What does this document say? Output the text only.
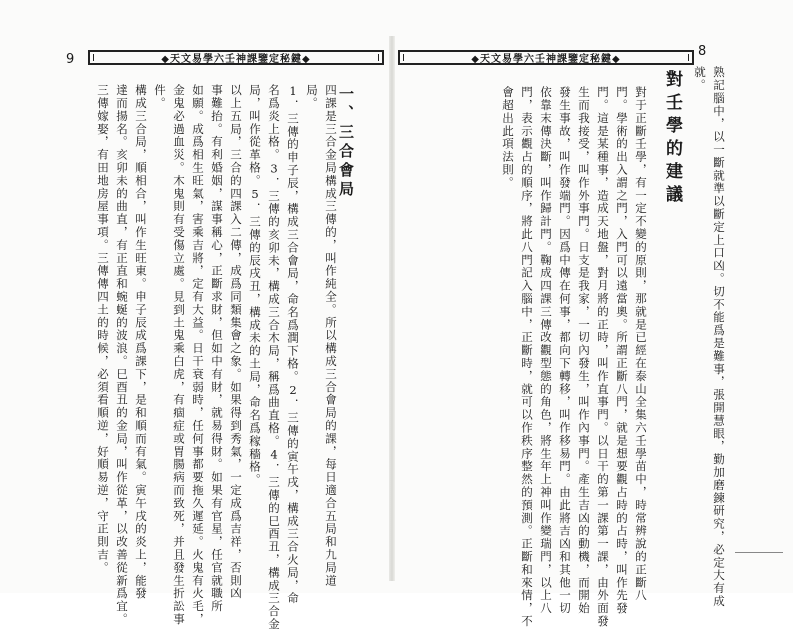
9	◆天文易學六壬神課鑒定秘鍵◆
四課是三合金局構成三傳的，叫作純全。所以構成三合會局的課，每日適合五局和九局道
局。
1．三傳的申子辰，構成三合會局，命名爲潤下格。2．三傳的寅午戌，構成三合火局，命
名爲炎上格。3．三傳的亥卯未，構成三合木局，稱爲曲直格。4．三傳的巳酉丑，構成三合金
局，叫作從革格。5．三傳的辰戌丑，構成未的土局，命名爲稼穡格。
以上五局，三合的四課入二傳，成爲同類集會之象。如果得到秀氣，一定成爲吉祥，否則凶
事難抬。有利婚姻，謀事稱心，正斷求財，但如中有財，就易得財。如果有官星，任官就職所
如願。成爲相生旺氣，害乘吉將，定有大益。日干衰弱時，任何事都要拖久遲延。火鬼有火毛，
金鬼必過血災。木鬼則有受傷立處。見到土鬼乘白虎，有痼症或胃腸病而致死，并且發生折訟事
件。
構成三合局，順相合，叫作生旺東。申子辰成爲課下，是和順而有氣。寅午戌的炎上，能發
達而揚名。亥卯未的曲直，有正直和蜿蜒的波浪。巳酉丑的金局，叫作從革，以改善從新爲宜。
三傳嫁娶，有田地房屋事項。三傳傳四土的時候，必須看順逆，好順易逆，守正則吉。	一、三合會局
◆天文易學六壬神課鑒定秘鍵◆
8
熟記腦中，以一斷就準以斷定上口凶。切不能爲是難事，張開慧眼，勤加磨鍊研究，必定大有成
就。
對壬學的建議
對于正斷壬學，有一定不變的原則，那就是已經在泰山全集六壬學苗中，時常辨說的正斷八
門。學術的出入謂之門，入門可以遠當奧。所謂正斷八門，就是想要觀占時的占時，叫作先發
門。這是某種事，造成天地盤，對月將的正時，叫作直事門。以日干的第一課第一課，由外面發
生而我接受，叫作外事門。日支是我家，一切內發生，叫作內事門。產生吉凶的動機，而開始
發生事故，叫作發端門。因爲中傳在何事，都向下轉移，叫作移易門。由此將吉凶和其他一切
依靠末傳決斷，叫作歸計門。鞠成四課三傳改觀型態的角色，將生年上神叫作變瑞門，以上八
門，表示觀占的順序，將此八門記入腦中，正斷時，就可以作秩序整然的預測。正斷和來情，不
會超出此項法則。
